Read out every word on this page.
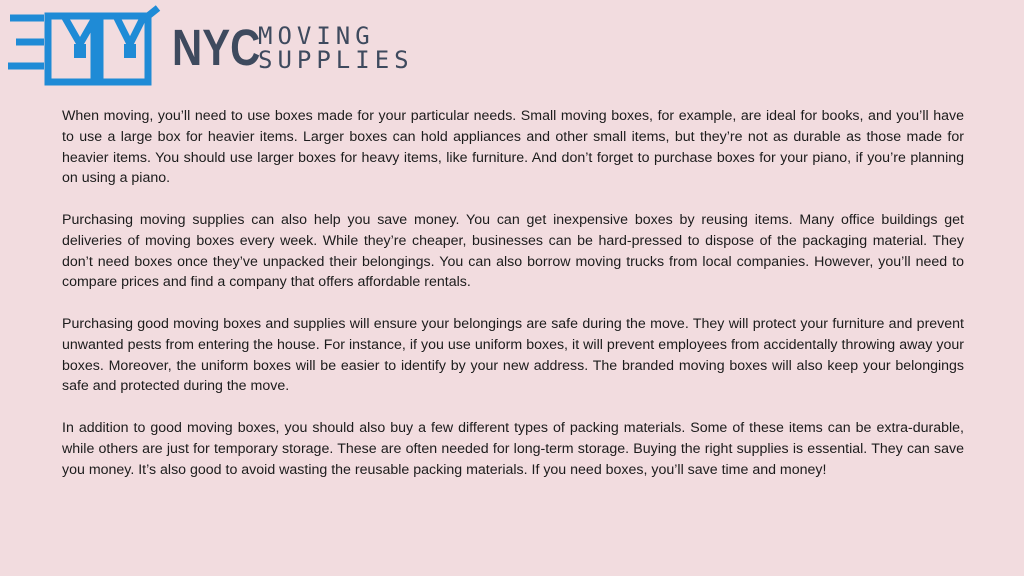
NYC
MOVING
SUPPLIES

When moving, you’ll need to use boxes made for your particular needs. Small moving boxes, for example, are ideal for books, and you’ll have to use a large box for heavier items. Larger boxes can hold appliances and other small items, but they’re not as durable as those made for heavier items. You should use larger boxes for heavy items, like furniture. And don’t forget to purchase boxes for your piano, if you’re planning on using a piano.

Purchasing moving supplies can also help you save money. You can get inexpensive boxes by reusing items. Many office buildings get deliveries of moving boxes every week. While they’re cheaper, businesses can be hard-pressed to dispose of the packaging material. They don’t need boxes once they’ve unpacked their belongings. You can also borrow moving trucks from local companies. However, you’ll need to compare prices and find a company that offers affordable rentals.

Purchasing good moving boxes and supplies will ensure your belongings are safe during the move. They will protect your furniture and prevent unwanted pests from entering the house. For instance, if you use uniform boxes, it will prevent employees from accidentally throwing away your boxes. Moreover, the uniform boxes will be easier to identify by your new address. The branded moving boxes will also keep your belongings safe and protected during the move.

In addition to good moving boxes, you should also buy a few different types of packing materials. Some of these items can be extra-durable, while others are just for temporary storage. These are often needed for long-term storage. Buying the right supplies is essential. They can save you money. It’s also good to avoid wasting the reusable packing materials. If you need boxes, you’ll save time and money!
